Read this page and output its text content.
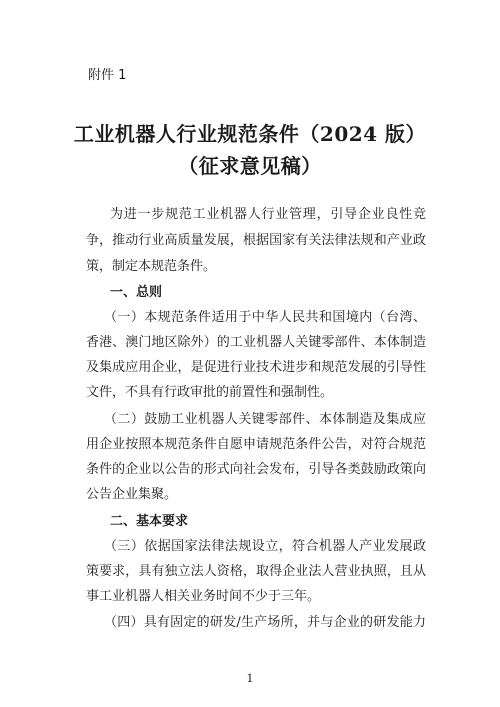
附件 1
工业机器人行业规范条件（2024 版）
（征求意见稿）
为进一步规范工业机器人行业管理，引导企业良性竞
争，推动行业高质量发展，根据国家有关法律法规和产业政
策，制定本规范条件。
一、总则
（一）本规范条件适用于中华人民共和国境内（台湾、
香港、澳门地区除外）的工业机器人关键零部件、本体制造
及集成应用企业，是促进行业技术进步和规范发展的引导性
文件，不具有行政审批的前置性和强制性。
（二）鼓励工业机器人关键零部件、本体制造及集成应
用企业按照本规范条件自愿申请规范条件公告，对符合规范
条件的企业以公告的形式向社会发布，引导各类鼓励政策向
公告企业集聚。
二、基本要求
（三）依据国家法律法规设立，符合机器人产业发展政
策要求，具有独立法人资格，取得企业法人营业执照，且从
事工业机器人相关业务时间不少于三年。
（四）具有固定的研发/生产场所，并与企业的研发能力
1
